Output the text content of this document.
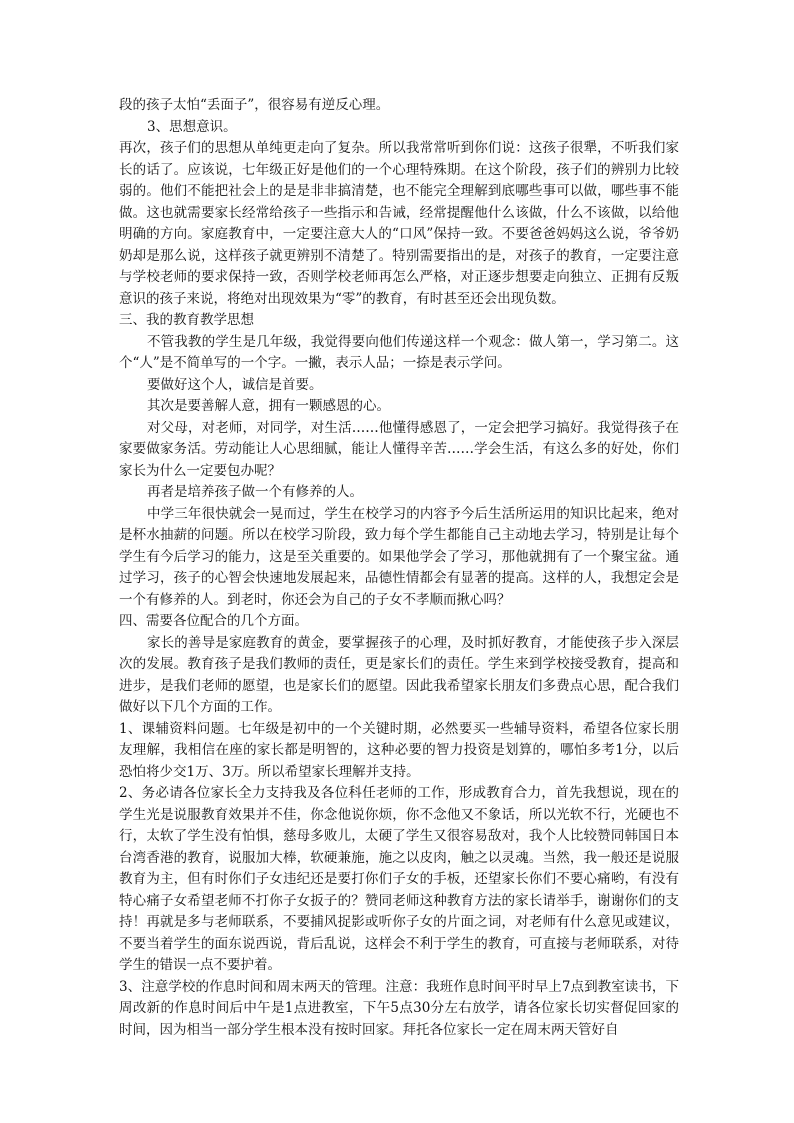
段的孩子太怕“丢面子”，很容易有逆反心理。

3、思想意识。

再次，孩子们的思想从单纯更走向了复杂。所以我常常听到你们说：这孩子很犟，不听我们家长的话了。应该说，七年级正好是他们的一个心理特殊期。在这个阶段，孩子们的辨别力比较弱的。他们不能把社会上的是是非非搞清楚，也不能完全理解到底哪些事可以做，哪些事不能做。这也就需要家长经常给孩子一些指示和告诫，经常提醒他什么该做，什么不该做，以给他明确的方向。家庭教育中，一定要注意大人的“口风”保持一致。不要爸爸妈妈这么说，爷爷奶奶却是那么说，这样孩子就更辨别不清楚了。特别需要指出的是，对孩子的教育，一定要注意与学校老师的要求保持一致，否则学校老师再怎么严格，对正逐步想要走向独立、正拥有反叛意识的孩子来说，将绝对出现效果为“零”的教育，有时甚至还会出现负数。

三、我的教育教学思想

不管我教的学生是几年级，我觉得要向他们传递这样一个观念：做人第一，学习第二。这个“人”是不简单写的一个字。一撇，表示人品；一捺是表示学问。

要做好这个人，诚信是首要。

其次是要善解人意，拥有一颗感恩的心。

对父母，对老师，对同学，对生活……他懂得感恩了，一定会把学习搞好。我觉得孩子在家要做家务活。劳动能让人心思细腻，能让人懂得辛苦……学会生活，有这么多的好处，你们家长为什么一定要包办呢？

再者是培养孩子做一个有修养的人。

中学三年很快就会一晃而过，学生在校学习的内容予今后生活所运用的知识比起来，绝对是杯水抽薪的问题。所以在校学习阶段，致力每个学生都能自己主动地去学习，特别是让每个学生有今后学习的能力，这是至关重要的。如果他学会了学习，那他就拥有了一个聚宝盆。通过学习，孩子的心智会快速地发展起来，品德性情都会有显著的提高。这样的人，我想定会是一个有修养的人。到老时，你还会为自己的子女不孝顺而揪心吗？

四、需要各位配合的几个方面。

家长的善导是家庭教育的黄金，要掌握孩子的心理，及时抓好教育，才能使孩子步入深层次的发展。教育孩子是我们教师的责任，更是家长们的责任。学生来到学校接受教育，提高和进步，是我们老师的愿望，也是家长们的愿望。因此我希望家长朋友们多费点心思，配合我们做好以下几个方面的工作。

1、课辅资料问题。七年级是初中的一个关键时期，必然要买一些辅导资料，希望各位家长朋友理解，我相信在座的家长都是明智的，这种必要的智力投资是划算的，哪怕多考1分，以后恐怕将少交1万、3万。所以希望家长理解并支持。

2、务必请各位家长全力支持我及各位科任老师的工作，形成教育合力，首先我想说，现在的学生光是说服教育效果并不佳，你念他说你烦，你不念他又不象话，所以光软不行，光硬也不行，太软了学生没有怕惧，慈母多败儿，太硬了学生又很容易敌对，我个人比较赞同韩国日本台湾香港的教育，说服加大棒，软硬兼施，施之以皮肉，触之以灵魂。当然，我一般还是说服教育为主，但有时你们子女违纪还是要打你们子女的手板，还望家长你们不要心痛哟，有没有特心痛子女希望老师不打你子女扳子的？赞同老师这种教育方法的家长请举手，谢谢你们的支持！再就是多与老师联系，不要捕风捉影或听你子女的片面之词，对老师有什么意见或建议，不要当着学生的面东说西说，背后乱说，这样会不利于学生的教育，可直接与老师联系，对待学生的错误一点不要护着。

3、注意学校的作息时间和周末两天的管理。注意：我班作息时间平时早上7点到教室读书，下周改新的作息时间后中午是1点进教室，下午5点30分左右放学，请各位家长切实督促回家的时间，因为相当一部分学生根本没有按时回家。拜托各位家长一定在周末两天管好自
